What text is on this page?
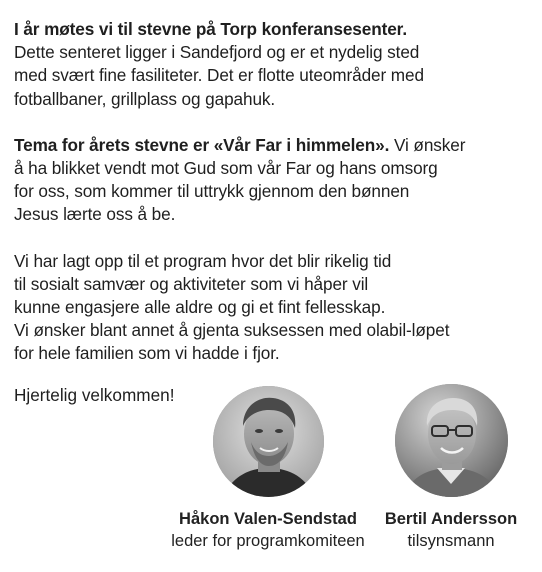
I år møtes vi til stevne på Torp konferansesenter.
Dette senteret ligger i Sandefjord og er et nydelig sted
med svært fine fasiliteter. Det er flotte uteområder med
fotballbaner, grillplass og gapahuk.

Tema for årets stevne er «Vår Far i himmelen». Vi ønsker
å ha blikket vendt mot Gud som vår Far og hans omsorg
for oss, som kommer til uttrykk gjennom den bønnen
Jesus lærte oss å be.

Vi har lagt opp til et program hvor det blir rikelig tid
til sosialt samvær og aktiviteter som vi håper vil
kunne engasjere alle aldre og gi et fint fellesskap.
Vi ønsker blant annet å gjenta suksessen med olabil-løpet
for hele familien som vi hadde i fjor.

Hjertelig velkommen!
Håkon Valen-Sendstad
leder for programkomiteen
Bertil Andersson
tilsynsmann
